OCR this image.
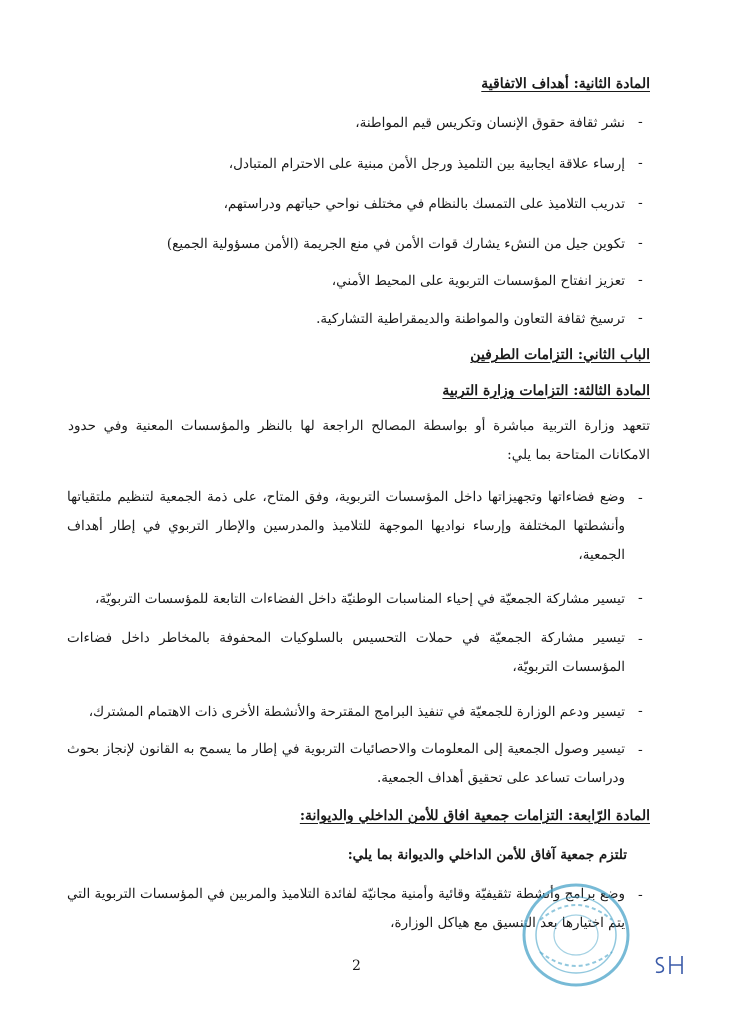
المادة الثانية: أهداف الاتفاقية
-
نشر ثقافة حقوق الإنسان وتكريس قيم المواطنة،
-
إرساء علاقة ايجابية بين التلميذ ورجل الأمن مبنية على الاحترام المتبادل،
-
تدريب التلاميذ على التمسك بالنظام في مختلف نواحي حياتهم ودراستهم،
-
تكوين جيل من النشء يشارك قوات الأمن في منع الجريمة (الأمن مسؤولية الجميع)
-
تعزيز انفتاح المؤسسات التربوية على المحيط الأمني،
-
ترسيخ ثقافة التعاون والمواطنة والديمقراطية التشاركية.
الباب الثاني: التزامات الطرفين
المادة الثالثة: التزامات وزارة التربية
تتعهد وزارة التربية مباشرة أو بواسطة المصالح الراجعة لها بالنظر والمؤسسات المعنية وفي حدود الامكانات المتاحة بما يلي:
-
وضع فضاءاتها وتجهيزاتها داخل المؤسسات التربوية، وفق المتاح، على ذمة الجمعية لتنظيم ملتقياتها وأنشطتها المختلفة وإرساء نواديها الموجهة للتلاميذ والمدرسين والإطار التربوي في إطار أهداف الجمعية،
-
تيسير مشاركة الجمعيّة في إحياء المناسبات الوطنيّة داخل الفضاءات التابعة للمؤسسات التربويّة،
-
تيسير مشاركة الجمعيّة في حملات التحسيس بالسلوكيات المحفوفة بالمخاطر داخل فضاءات المؤسسات التربويّة،
-
تيسير ودعم الوزارة للجمعيّة في تنفيذ البرامج المقترحة والأنشطة الأخرى ذات الاهتمام المشترك،
-
تيسير وصول الجمعية إلى المعلومات والاحصائيات التربوية في إطار ما يسمح به القانون لإنجاز بحوث ودراسات تساعد على تحقيق أهداف الجمعية.
المادة الرّابعة: التزامات جمعية افاق للأمن الداخلي والديوانة:
تلتزم جمعية آفاق للأمن الداخلي والديوانة بما يلي:
-
وضع برامج وأنشطة تثقيفيّة وقائية وأمنية مجانيّة لفائدة التلاميذ والمربين في المؤسسات التربوية التي يتم اختيارها بعد التنسيق مع هياكل الوزارة،
2
